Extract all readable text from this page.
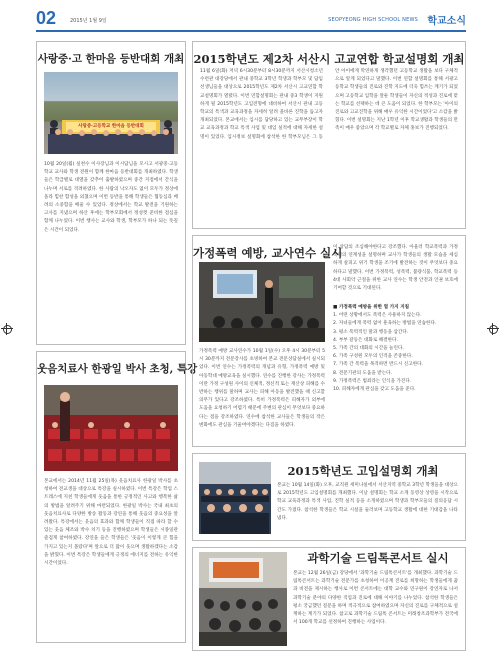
02	2015년 1월 9일	SEOPYEONG HIGH SCHOOL NEWS 학교소식
사랑중·고 한마음 등반대회 개최
사랑중·고등학교 한마음 등반대회
10월 20일(월) 실천수 이사장님과 이시담님을 모시고 서광중·고등학교 교사와 학생 전원이 함께 한마음 등반대회를 개최하였다. 학생들은 학급별로 대열을 갖추어 출발하였으며 중간 지점에서 간식을 나누며 서로를 격려하였다. 한 사람의 낙오자도 없이 모두가 정상에 올라 힘찬 함성을 외쳤으며 이번 등반을 통해 학생들은 협동심과 배려의 소중함을 배울 수 있었다. 정상에서는 학교 발전을 기원하는 고사를 지냈으며 하산 후에는 학부모회에서 정성껏 준비한 점심을 함께 나누었다. 이번 행사는 교사와 학생, 학부모가 하나 되는 뜻깊은 시간이 되었다.
웃음치료사 한광일 박사 초청, 특강
본교에서는 2014년 11월 25일(목) 웃음치료사 한광일 박사를 초청하여 전교생을 대상으로 특강을 실시하였다. 이번 특강은 학업 스트레스에 지친 학생들에게 웃음을 통한 긍정적인 사고와 행복한 삶의 방법을 알려주기 위해 마련되었다. 한광일 박사는 국내 최초의 웃음치료사로 다양한 방송 활동과 강연을 통해 웃음의 중요성을 알려왔다. 특강에서는 웃음의 효과와 함께 학생들이 직접 따라 할 수 있는 웃음 체조와 박수 치기 등을 진행하였으며 학생들은 시종일관 즐겁게 참여하였다. 강연을 들은 학생들은 '웃음이 이렇게 큰 힘을 가지고 있는지 몰랐다'며 앞으로 더 많이 웃으며 생활하겠다는 소감을 밝혔다. 이번 특강은 학생들에게 긍정의 에너지를 전하는 유익한 시간이었다.
2015학년도 제2차 서산시 고교연합 학교설명회 개최
11월 6일(화) 저녁 6시30분부터 8시30분까지 서산시청소년수련관 대강당에서 관내 중학교 3학년 학생과 학부모 및 담임선생님들을 대상으로 2015학년도 제2차 서산시 고교연합 학교설명회가 열렸다. 이번 연합설명회는 관내 중3 학생이 지원하게 될 2015학년도 고입전형에 대비하여 서산시 관내 고등학교의 특색과 교육과정을 자세히 알려 올바른 진학을 돕고자 개최되었다. 본교에서는 입시를 담당하고 있는 교무부장이 학교 교육과정과 학교 특색 사업 및 대입 실적에 대해 자세한 설명이 있었다. 입시정보 설명회에 참석한 한 학부모님은 그 동안 아이에게 막연하게 생각했던 고등학교 생활을 보다 구체적으로 알게 되었다고 말했다. 이번 연합 설명회를 통해 서광고등학교 학생들의 진로와 진학 지도에 더욱 힘쓰는 계기가 되었으며 고등학교 입학을 앞둔 학생들이 자신의 적성과 진로에 맞는 학교를 선택하는 데 큰 도움이 되었다. 한 학부모는 '아이의 진로와 고교진학을 위해 매우 유익한 시간이었다'고 소감을 밝혔다. 이번 설명회는 지난 1학년 이후 학교생활과 학생들의 만족이 매우 좋았으며 각 학교별로 자체 홍보가 진행되었다.
가정폭력 예방, 교사연수 실시
이 상담의 조심해야한다고 강조했다. 아울러 학교폭력과 가정폭력의 연계성을 설명하며 교사가 학생들의 생활 모습을 세심하게 살피고 위기 학생을 조기에 발견하는 것이 무엇보다 중요하다고 말했다. 이번 가정폭력, 성폭력, 불량식품, 학교폭력 등 4대 사회악 근절을 위한 교사 연수는 학생 안전과 인권 보호에 기여할 것으로 기대된다.
■ 가정폭력 예방을 위한 열 가지 지침
1. 어떤 상황에서도 폭력은 사용하지 않는다.
2. 자녀들에게 폭력 없이 훈육하는 방법을 연습한다.
3. 평소 폭력적인 말과 행동을 삼간다.
4. 부부 갈등은 대화로 해결한다.
5. 가족 간의 대화의 시간을 늘린다.
6. 가족 구성원 모두의 인격을 존중한다.
7. 가족 간 폭력을 목격하면 반드시 신고한다.
8. 전문기관의 도움을 받는다.
9. 가정폭력은 범죄라는 인식을 가진다.
10. 피해자에게 관심을 갖고 도움을 준다.
가정폭력 예방 교사연수가 10월 1일(수) 오후 4시 30분부터 5시 30분까지 전문강사를 초빙하여 본교 전문상담실에서 실시되었다. 이번 연수는 가정폭력의 개념과 유형, 가정폭력 예방 및 아동학대 예방교육을 실시했다. 연수를 진행한 강사는 가정폭력이란 가정 구성원 사이의 신체적, 정신적 또는 재산상 피해를 수반하는 행위를 말하며 교사는 피해 아동을 발견했을 때 신고할 의무가 있다고 강조하였다. 특히 가정폭력은 피해자가 외부에 도움을 요청하기 어렵기 때문에 주변의 관심이 무엇보다 중요하다는 점을 강조하였다. 연수에 참석한 교사들은 학생들의 작은 변화에도 관심을 기울여야겠다는 다짐을 하였다.
2015학년도 고입설명회 개최
본교는 10월 14일(화) 오후, 교직원 세미나실에서 서산지역 중학교 3학년 학생들을 대상으로 2015학년도 고입설명회를 개최했다. 이날 설명회는 학교 소개 동영상 상영을 시작으로 학교 교육과정과 특색 사업, 진학 실적 등을 소개하였으며 학생과 학부모들의 질의응답 시간도 가졌다. 참석한 학생들은 학교 시설을 둘러보며 고등학교 생활에 대한 기대감을 나타냈다.
과학기술 드림톡콘서트 실시
본교는 12월 26일(금) 강당에서 '과학기술 드림톡콘서트'를 개최했다. 과학기술 드림톡콘서트는 과학기술 전문가를 초청하여 이공계 진로를 희망하는 학생들에게 꿈과 비전을 제시하는 행사로 이번 콘서트에는 대학 교수와 연구원이 강연자로 나서 과학기술 분야의 다양한 직업과 진로에 대해 이야기를 나누었다. 참석한 학생들은 평소 궁금했던 질문을 하며 적극적으로 참여하였으며 자신의 진로를 구체적으로 설계하는 계기가 되었다. 참고로 과학기술 드림톡 콘서트는 미래창조과학부가 전국에서 100개 학교를 선정하여 진행하는 사업이다.
